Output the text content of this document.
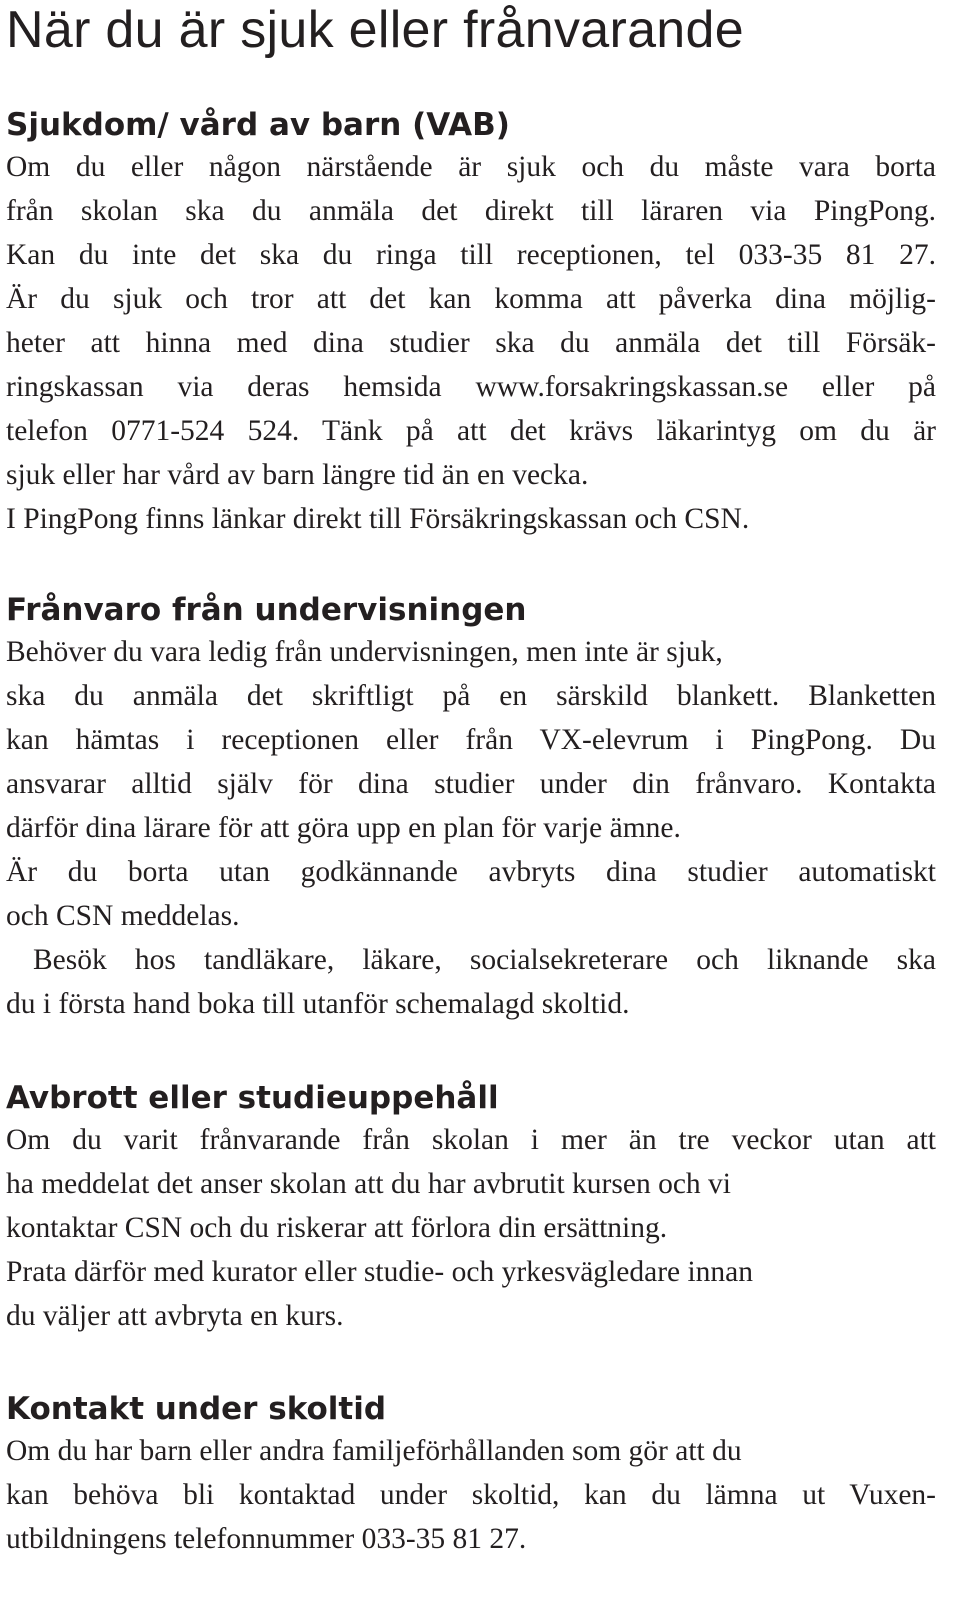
När du är sjuk eller frånvarande
Sjukdom/ vård av barn (VAB)
Om du eller någon närstående är sjuk och du måste vara borta
från skolan ska du anmäla det direkt till läraren via PingPong.
Kan du inte det ska du ringa till receptionen, tel 033-35 81 27.
Är du sjuk och tror att det kan komma att påverka dina möjlig-
heter att hinna med dina studier ska du anmäla det till Försäk-
ringskassan via deras hemsida www.forsakringskassan.se eller på
telefon 0771-524 524. Tänk på att det krävs läkarintyg om du är
sjuk eller har vård av barn längre tid än en vecka.
I PingPong finns länkar direkt till Försäkringskassan och CSN.
Frånvaro från undervisningen
Behöver du vara ledig från undervisningen, men inte är sjuk,
ska du anmäla det skriftligt på en särskild blankett. Blanketten
kan hämtas i receptionen eller från VX-elevrum i PingPong. Du
ansvarar alltid själv för dina studier under din frånvaro. Kontakta
därför dina lärare för att göra upp en plan för varje ämne.
Är du borta utan godkännande avbryts dina studier automatiskt
och CSN meddelas.
Besök hos tandläkare, läkare, socialsekreterare och liknande ska
du i första hand boka till utanför schemalagd skoltid.
Avbrott eller studieuppehåll
Om du varit frånvarande från skolan i mer än tre veckor utan att
ha meddelat det anser skolan att du har avbrutit kursen och vi
kontaktar CSN och du riskerar att förlora din ersättning.
Prata därför med kurator eller studie- och yrkesvägledare innan
du väljer att avbryta en kurs.
Kontakt under skoltid
Om du har barn eller andra familjeförhållanden som gör att du
kan behöva bli kontaktad under skoltid, kan du lämna ut Vuxen-
utbildningens telefonnummer 033-35 81 27.
